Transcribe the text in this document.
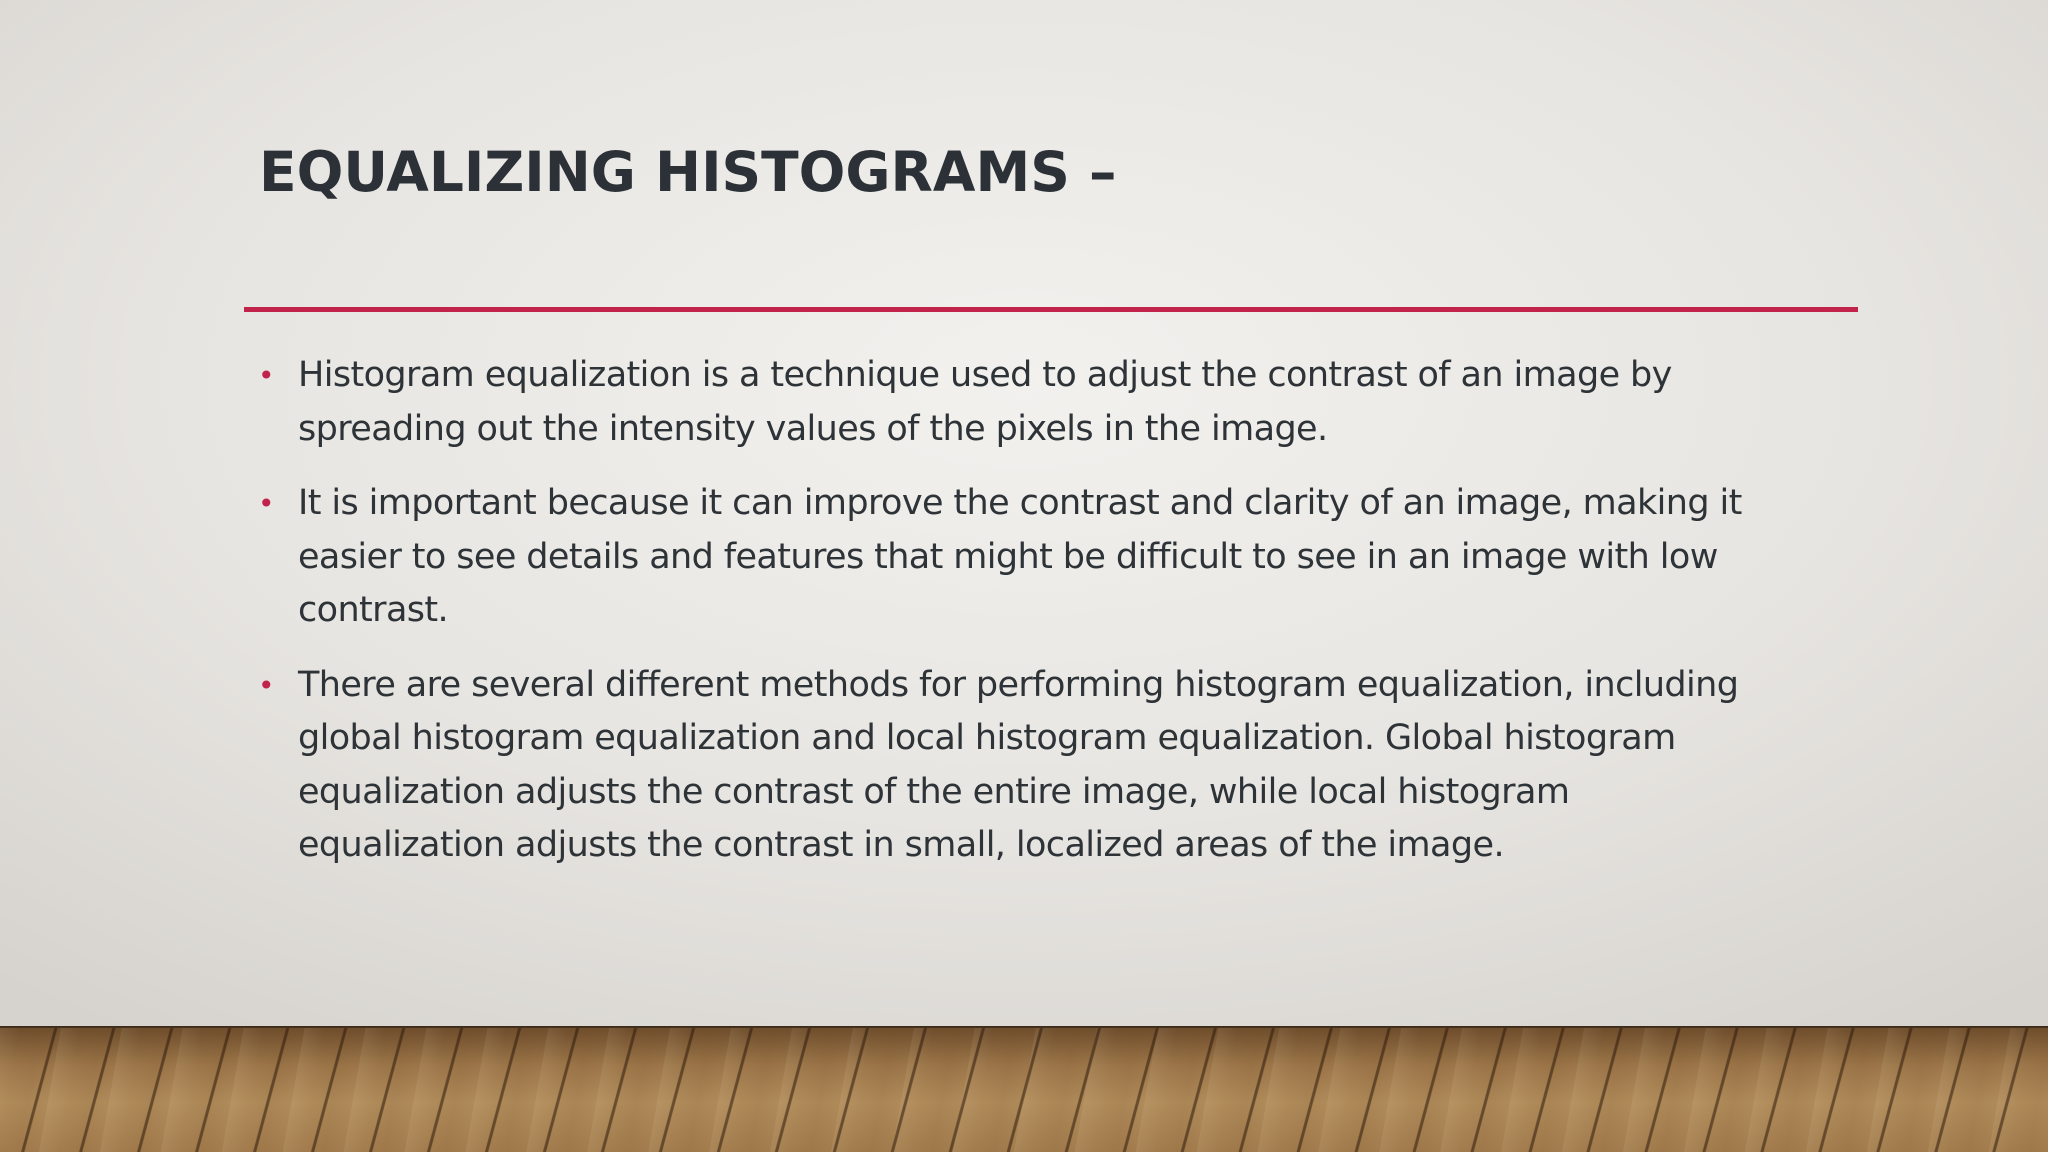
EQUALIZING HISTOGRAMS –
• Histogram equalization is a technique used to adjust the contrast of an image by
spreading out the intensity values of the pixels in the image.
• It is important because it can improve the contrast and clarity of an image, making it
easier to see details and features that might be difficult to see in an image with low
contrast.
• There are several different methods for performing histogram equalization, including
global histogram equalization and local histogram equalization. Global histogram
equalization adjusts the contrast of the entire image, while local histogram
equalization adjusts the contrast in small, localized areas of the image.
